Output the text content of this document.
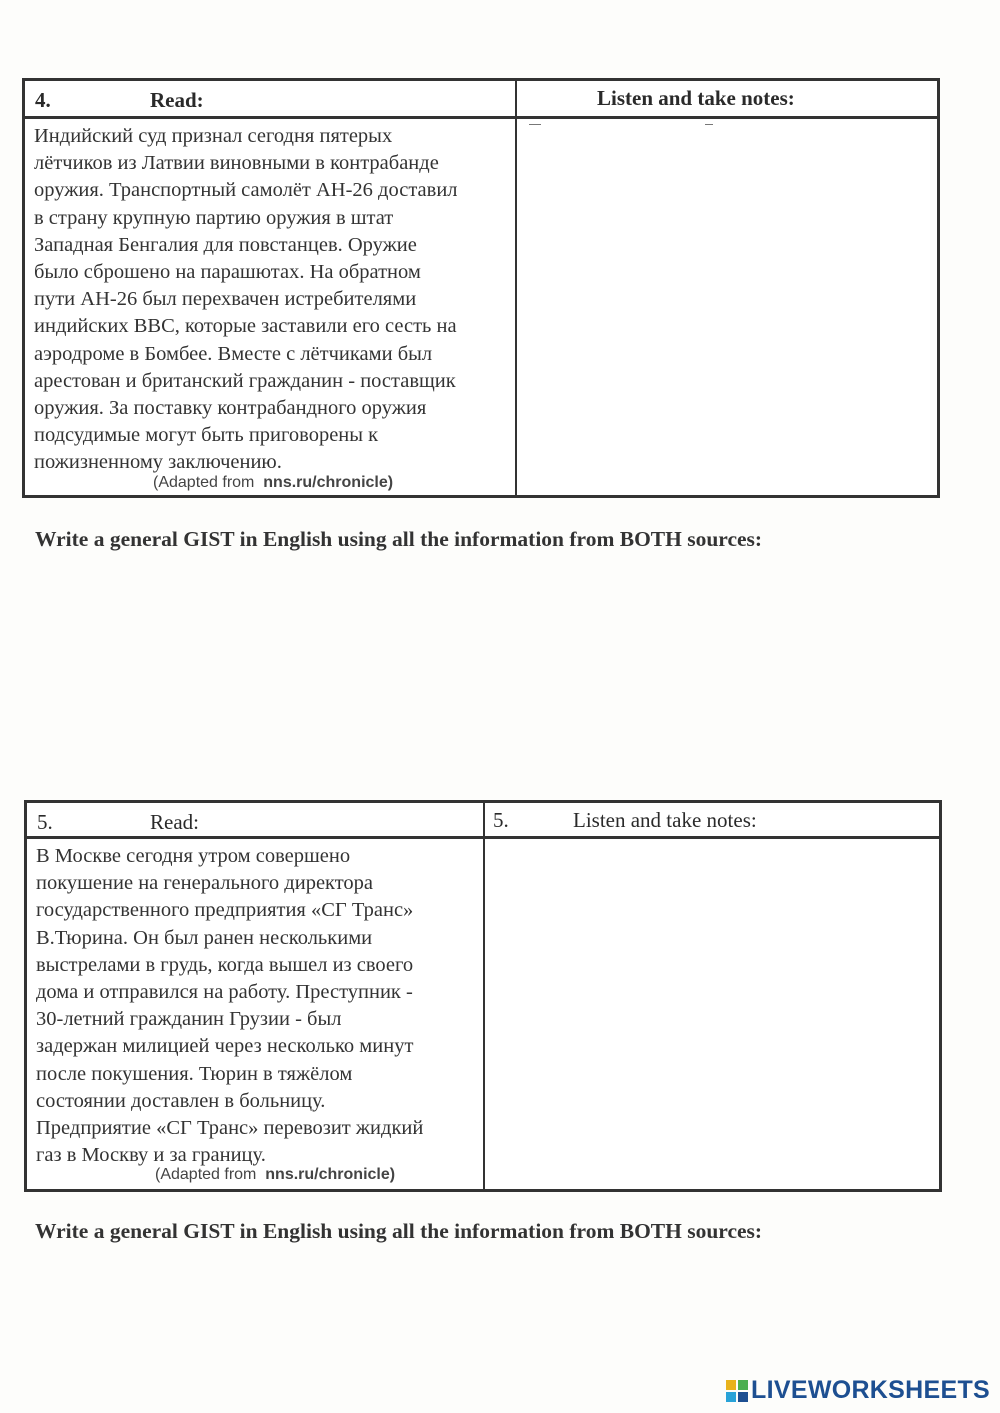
4.	Read:	Listen and take notes:
Индийский суд признал сегодня пятерых
лётчиков из Латвии виновными в контрабанде
оружия. Транспортный самолёт АН-26 доставил
в страну крупную партию оружия в штат
Западная Бенгалия для повстанцев. Оружие
было сброшено на парашютах. На обратном
пути АН-26 был перехвачен истребителями
индийских ВВС, которые заставили его сесть на
аэродроме в Бомбее. Вместе с лётчиками был
арестован и британский гражданин - поставщик
оружия. За поставку контрабандного оружия
подсудимые могут быть приговорены к
пожизненному заключению.
(Adapted from nns.ru/chronicle)
Write a general GIST in English using all the information from BOTH sources:
5.	Read:	5.	Listen and take notes:
В Москве сегодня утром совершено
покушение на генерального директора
государственного предприятия «СГ Транс»
В.Тюрина. Он был ранен несколькими
выстрелами в грудь, когда вышел из своего
дома и отправился на работу. Преступник -
30-летний гражданин Грузии - был
задержан милицией через несколько минут
после покушения. Тюрин в тяжёлом
состоянии доставлен в больницу.
Предприятие «СГ Транс» перевозит жидкий
газ в Москву и за границу.
(Adapted from nns.ru/chronicle)
Write a general GIST in English using all the information from BOTH sources:
LIVEWORKSHEETS
